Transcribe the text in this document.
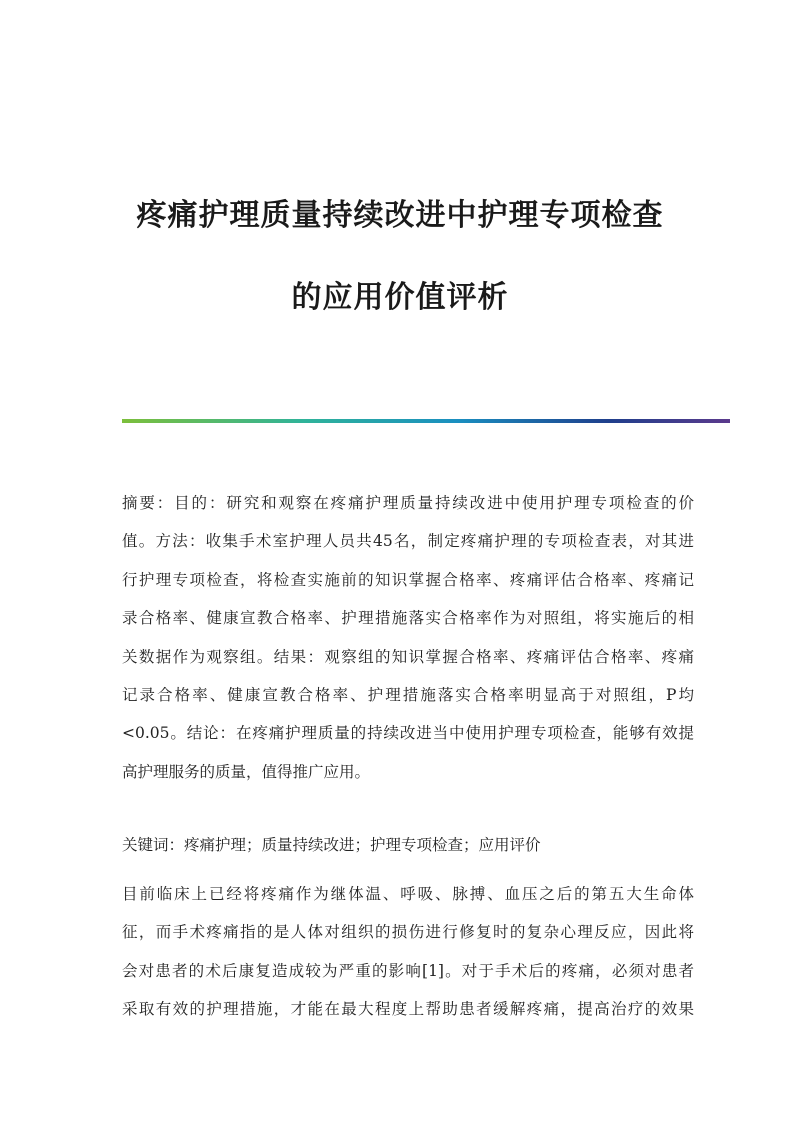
疼痛护理质量持续改进中护理专项检查
的应用价值评析
摘要：目的：研究和观察在疼痛护理质量持续改进中使用护理专项检查的价
值。方法：收集手术室护理人员共45名，制定疼痛护理的专项检查表，对其进
行护理专项检查，将检查实施前的知识掌握合格率、疼痛评估合格率、疼痛记
录合格率、健康宣教合格率、护理措施落实合格率作为对照组，将实施后的相
关数据作为观察组。结果：观察组的知识掌握合格率、疼痛评估合格率、疼痛
记录合格率、健康宣教合格率、护理措施落实合格率明显高于对照组，P均
<0.05。结论：在疼痛护理质量的持续改进当中使用护理专项检查，能够有效提
高护理服务的质量，值得推广应用。
关键词：疼痛护理；质量持续改进；护理专项检查；应用评价
目前临床上已经将疼痛作为继体温、呼吸、脉搏、血压之后的第五大生命体
征，而手术疼痛指的是人体对组织的损伤进行修复时的复杂心理反应，因此将
会对患者的术后康复造成较为严重的影响[1]。对于手术后的疼痛，必须对患者
采取有效的护理措施，才能在最大程度上帮助患者缓解疼痛，提高治疗的效果
